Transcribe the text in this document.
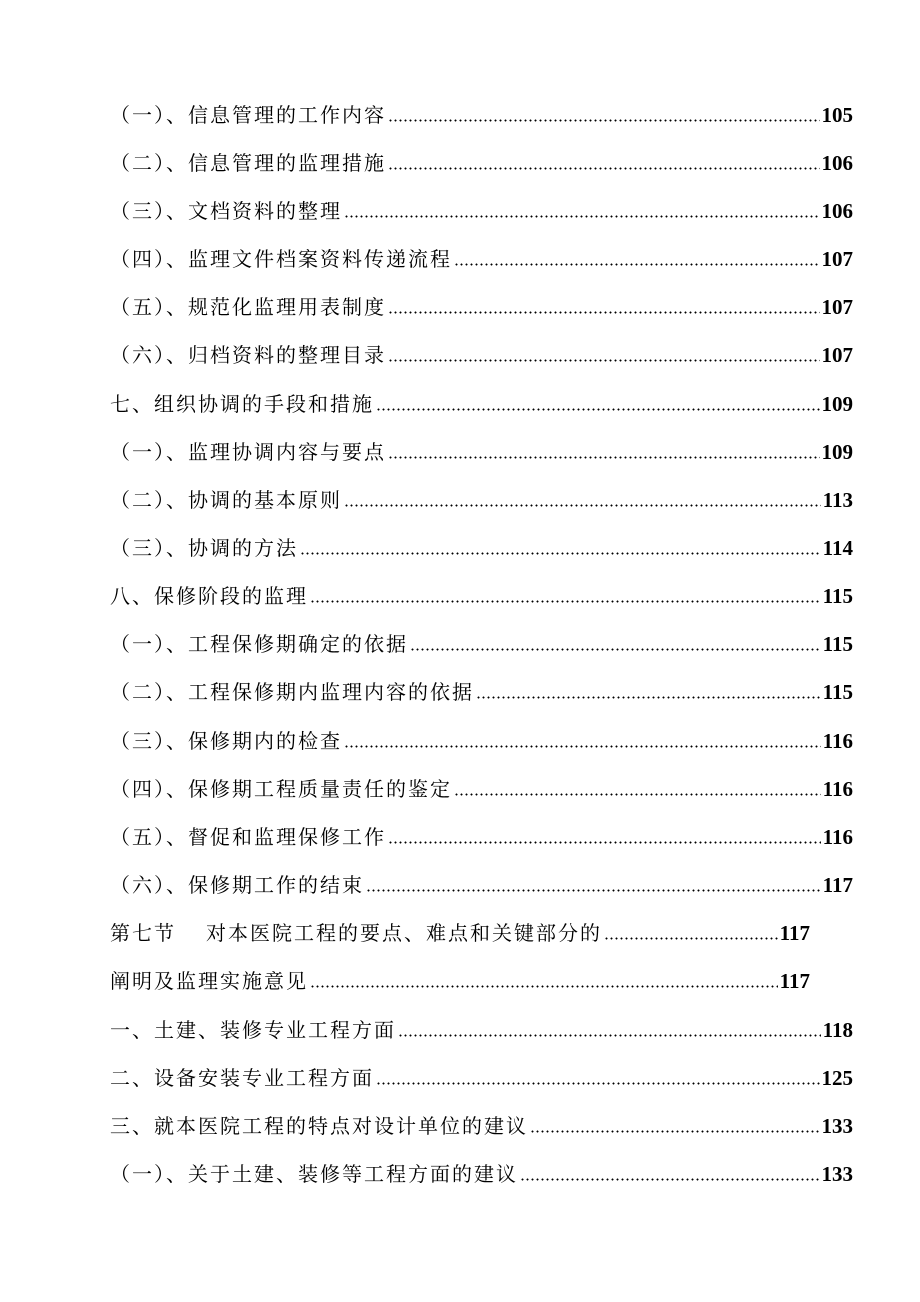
（一）、信息管理的工作内容	105
（二）、信息管理的监理措施	106
（三）、文档资料的整理	106
（四）、监理文件档案资料传递流程	107
（五）、规范化监理用表制度	107
（六）、归档资料的整理目录	107
七、组织协调的手段和措施	109
（一）、监理协调内容与要点	109
（二）、协调的基本原则	113
（三）、协调的方法	114
八、保修阶段的监理	115
（一）、工程保修期确定的依据	115
（二）、工程保修期内监理内容的依据	115
（三）、保修期内的检查	116
（四）、保修期工程质量责任的鉴定	116
（五）、督促和监理保修工作	116
（六）、保修期工作的结束	117
第七节 对本医院工程的要点、难点和关键部分的	117
阐明及监理实施意见	117
一、土建、装修专业工程方面	118
二、设备安装专业工程方面	125
三、就本医院工程的特点对设计单位的建议	133
（一）、关于土建、装修等工程方面的建议	133
